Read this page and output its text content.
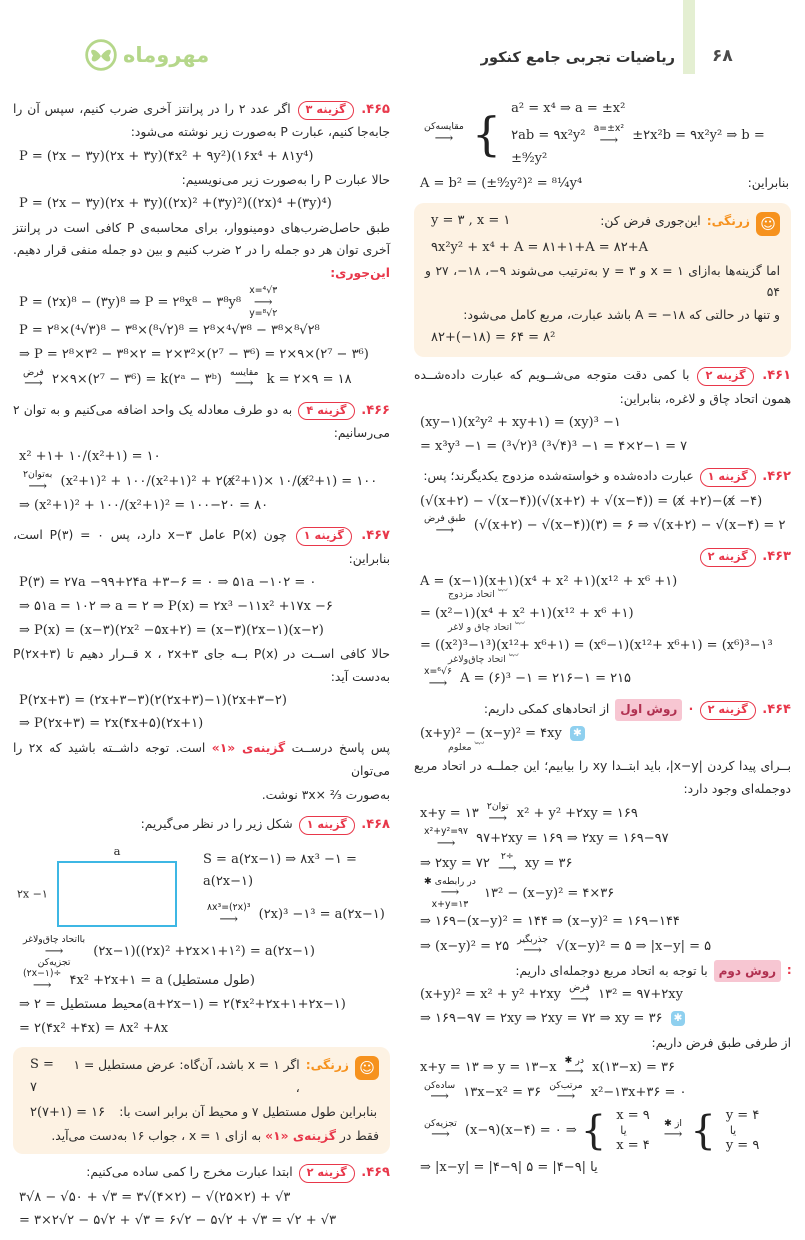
مهروماه	ریاضیات تجربی جامع کنکور ۶۸
مقایسه‌کن
⟶ { a² = x⁴ ⇒ a = ±x²
۲ab = ۹x²y² a=±x²
⟶ ±۲x²b = ۹x²y² ⇒ b = ±⁹⁄₂y²
A = b² = (±⁹⁄₂y²)² = ⁸¹⁄₄y⁴	بنابراین:
y = ۳ , x = ۱	☺
زرنگی:
این‌جوری فرض کن:
۹x²y² + x⁴ + A = ۸۱+۱+A = ۸۲+A

اما گزینه‌ها به‌ازای x = ۱ و y = ۳ به‌ترتیب می‌شوند ۹−، ۱۸−، ۲۷ و ۵۴

و تنها در حالتی که A = −۱۸ باشد عبارت، مربع کامل می‌شود:

۸۲+(−۱۸) = ۶۴ = ۸²

۴۶۱. گزینه ۲ با کمی دقت متوجه می‌شــویم که عبارت داده‌شــده همون اتحاد چاق و لاغره، بنابراین:

(xy−۱)(x²y² + xy+۱) = (xy)³ −۱
= x³y³ −۱ = (³√۲)³ (³√۴)³ −۱ = ۴×۲−۱ = ۷

۴۶۲. گزینه ۱ عبارت داده‌شده و خواسته‌شده مزدوج یکدیگرند؛ پس:

(√(x+۲) − √(x−۴))(√(x+۲) + √(x−۴)) = (x̸ +۲)−(x̸ −۴)
طبق فرض
⟶ (√(x+۲) − √(x−۴))(۳) = ۶ ⇒ √(x+۲) − √(x−۴) = ۲

۴۶۳. گزینه ۲

A = (x−۱)(x+۱)(x⁴ + x² +۱)(x¹² + x⁶ +۱)
︸ اتحاد مزدوج
= (x²−۱)(x⁴ + x² +۱)(x¹² + x⁶ +۱)
︸ اتحاد چاق و لاغر
= ((x²)³−۱³)(x¹²+ x⁶+۱) = (x⁶−۱)(x¹²+ x⁶+۱) = (x⁶)³−۱³
︸ اتحاد چاق‌ولاغر
x=⁶√۶
⟶ A = (۶)³ −۱ = ۲۱۶−۱ = ۲۱۵

۴۶۴. گزینه ۲ · روش اول از اتحادهای کمکی داریم:

(x+y)² − (x−y)² = ۴xy ✱
︸ معلوم

بــرای پیدا کردن |x−y|، باید ابتــدا xy را بیابیم؛ این جملــه در اتحاد مربع دوجمله‌ای وجود دارد:

x+y = ۱۳ توان۲
⟶ x² + y² +۲xy = ۱۶۹
x²+y²=۹۷
⟶ ۹۷+۲xy = ۱۶۹ ⇒ ۲xy = ۱۶۹−۹۷
⇒ ۲xy = ۷۲ ÷۲
⟶ xy = ۳۶
در رابطه‌ی ✱
⟶
x+y=۱۳
۱۳² − (x−y)² = ۴×۳۶
⇒ ۱۶۹−(x−y)² = ۱۴۴ ⇒ (x−y)² = ۱۶۹−۱۴۴
⇒ (x−y)² = ۲۵ جذربگیر
⟶ √(x−y)² = ۵ ⇒ |x−y| = ۵

∶ روش دوم با توجه به اتحاد مربع دوجمله‌ای داریم:

(x+y)² = x² + y² +۲xy فرض
⟶ ۱۳² = ۹۷+۲xy
⇒ ۱۶۹−۹۷ = ۲xy ⇒ ۲xy = ۷۲ ⇒ xy = ۳۶ ✱

از طرفی طبق فرض داریم:

x+y = ۱۳ ⇒ y = ۱۳−x در ✱
⟶ x(۱۳−x) = ۳۶
ساده‌کن
⟶ ۱۳x−x² = ۳۶ مرتب‌کن
⟶ x²−۱۳x+۳۶ = ۰
تجزیه‌کن
⟶ (x−۹)(x−۴) = ۰ ⇒ { x = ۹
یا
x = ۴
از ✱
⟶ { y = ۴
یا
y = ۹
⇒ |x−y| = |۴−۹| یا |۹−۴| = ۵

۴۶۵. گزینه ۳ اگر عدد ۲ را در پرانتز آخری ضرب کنیم، سپس آن را جابه‌جا کنیم، عبارت P به‌صورت زیر نوشته می‌شود:

P = (۲x − ۳y)(۲x + ۳y)(۴x² + ۹y²)(۱۶x⁴ + ۸۱y⁴)

حالا عبارت P را به‌صورت زیر می‌نویسیم:

P = (۲x − ۳y)(۲x + ۳y)((۲x)² +(۳y)²)((۲x)⁴ +(۳y)⁴)

طبق حاصل‌ضرب‌های دومینووار، برای محاسبه‌ی P کافی است در پرانتز آخری توان هر دو جمله را در ۲ ضرب کنیم و بین دو جمله منفی قرار دهیم. این‌جوری:

P = (۲x)⁸ − (۳y)⁸ ⇒ P = ۲⁸x⁸ − ۳⁸y⁸
x=⁴√۳
⟶
y=⁸√۲
P = ۲⁸×(⁴√۳)⁸ − ۳⁸×(⁸√۲)⁸ = ۲⁸×⁴√۳⁸ − ۳⁸×⁸√۲⁸
⇒ P = ۲⁸×۳² − ۳⁸×۲ = ۲×۳²×(۲⁷ − ۳⁶) = ۲×۹×(۲⁷ − ۳⁶)
فرض
⟶ ۲×۹×(۲⁷ − ۳⁶) = k(۲ᵃ − ۳ᵇ) مقایسه
⟶ k = ۲×۹ = ۱۸

۴۶۶. گزینه ۴ به دو طرف معادله یک واحد اضافه می‌کنیم و به توان ۲ می‌رسانیم:

x² +۱+ ۱۰/(x²+۱) = ۱۰
به‌توان۲
⟶ (x²+۱)² + ۱۰۰/(x²+۱)² + ۲(x̸²+۱)× ۱۰/(x̸²+۱) = ۱۰۰
⇒ (x²+۱)² + ۱۰۰/(x²+۱)² = ۱۰۰−۲۰ = ۸۰

۴۶۷. گزینه ۱ چون P(x) عامل x−۳ دارد، پس P(۳) = ۰ است، بنابراین:

P(۳) = ۲۷a −۹۹+۲۴a +۳−۶ = ۰ ⇒ ۵۱a −۱۰۲ = ۰
⇒ ۵۱a = ۱۰۲ ⇒ a = ۲ ⇒ P(x) = ۲x³ −۱۱x² +۱۷x −۶
⇒ P(x) = (x−۳)(۲x² −۵x+۲) = (x−۳)(۲x−۱)(x−۲)

حالا کافی اســت در P(x) بــه جای x ، ۲x+۳ قــرار دهیم تا P(۲x+۳) به‌دست آید:

P(۲x+۳) = (۲x+۳−۳)(۲(۲x+۳)−۱)(۲x+۳−۲)
⇒ P(۲x+۳) = ۲x(۴x+۵)(۲x+۱)

پس پاسخ درســت گزینه‌ی «۱» است. توجه داشــته باشید که ۲x را می‌توان

به‌صورت ²⁄₃ ×۳x نوشت.

۴۶۸. گزینه ۱ شکل زیر را در نظر می‌گیریم:

a
۲x −۱
S = a(۲x−۱) ⇒ ۸x³ −۱ = a(۲x−۱)
۸x³=(۲x)³
⟶ (۲x)³ −۱³ = a(۲x−۱)
بااتحاد چاق‌ولاغر
⟶
تجزیه‌کن
(۲x−۱)((۲x)² +۲x×۱+۱²) = a(۲x−۱)
÷(۲x−۱)
⟶ ۴x² +۲x+۱ = a (طول مستطیل)
⇒ محیط مستطیل = ۲(a+۲x−۱) = ۲(۴x²+۲x+۱+۲x−۱)
= ۲(۴x² +۴x) = ۸x² +۸x
S = ۷
☺
زرنگی:
اگر x = ۱ باشد، آن‌گاه: عرض مستطیل = ۱ ،
۲(۷+۱) = ۱۶ بنابراین طول مستطیل ۷ و محیط آن برابر است با:

فقط در گزینه‌ی «۱» به ازای x = ۱ ، جواب ۱۶ به‌دست می‌آید.

۴۶۹. گزینه ۲ ابتدا عبارت مخرج را کمی ساده می‌کنیم:

۳√۸ − √۵۰ + √۳ = ۳√(۴×۲) − √(۲۵×۲) + √۳
= ۳×۲√۲ − ۵√۲ + √۳ = ۶√۲ − ۵√۲ + √۳ = √۲ + √۳
